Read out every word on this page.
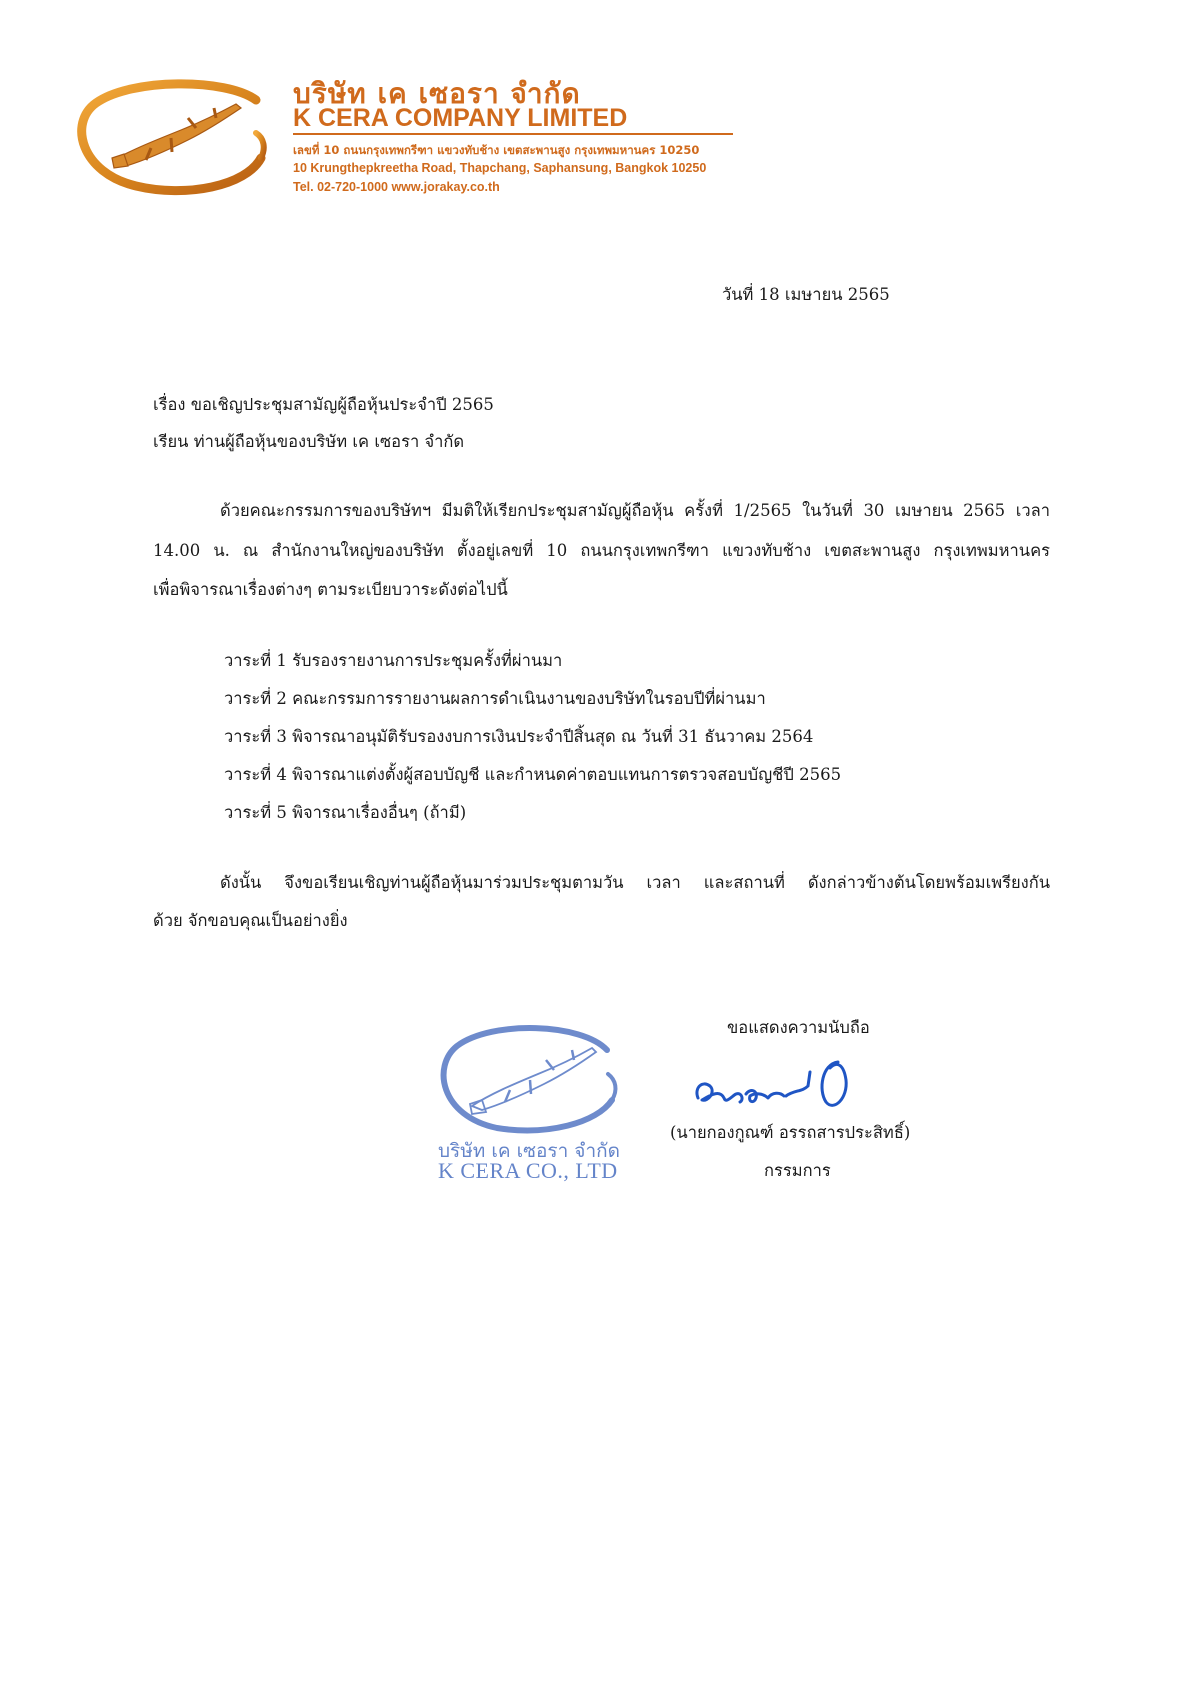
บริษัท เค เซอรา จำกัด
K CERA COMPANY LIMITED
เลขที่ 10 ถนนกรุงเทพกรีฑา แขวงทับช้าง เขตสะพานสูง กรุงเทพมหานคร 10250
10 Krungthepkreetha Road, Thapchang, Saphansung, Bangkok 10250
Tel. 02-720-1000 www.jorakay.co.th
วันที่ 18 เมษายน 2565
เรื่อง ขอเชิญประชุมสามัญผู้ถือหุ้นประจำปี 2565
เรียน ท่านผู้ถือหุ้นของบริษัท เค เซอรา จำกัด
ด้วยคณะกรรมการของบริษัทฯ มีมติให้เรียกประชุมสามัญผู้ถือหุ้น ครั้งที่ 1/2565 ในวันที่ 30 เมษายน 2565 เวลา
14.00 น. ณ สำนักงานใหญ่ของบริษัท ตั้งอยู่เลขที่ 10 ถนนกรุงเทพกรีฑา แขวงทับช้าง เขตสะพานสูง กรุงเทพมหานคร
เพื่อพิจารณาเรื่องต่างๆ ตามระเบียบวาระดังต่อไปนี้
วาระที่ 1 รับรองรายงานการประชุมครั้งที่ผ่านมา
วาระที่ 2 คณะกรรมการรายงานผลการดำเนินงานของบริษัทในรอบปีที่ผ่านมา
วาระที่ 3 พิจารณาอนุมัติรับรองงบการเงินประจำปีสิ้นสุด ณ วันที่ 31 ธันวาคม 2564
วาระที่ 4 พิจารณาแต่งตั้งผู้สอบบัญชี และกำหนดค่าตอบแทนการตรวจสอบบัญชีปี 2565
วาระที่ 5 พิจารณาเรื่องอื่นๆ (ถ้ามี)
ดังนั้น จึงขอเรียนเชิญท่านผู้ถือหุ้นมาร่วมประชุมตามวัน เวลา และสถานที่ ดังกล่าวข้างต้นโดยพร้อมเพรียงกัน
ด้วย จักขอบคุณเป็นอย่างยิ่ง
บริษัท เค เซอรา จำกัด
K CERA CO., LTD
ขอแสดงความนับถือ
(นายกองกูณฑ์ อรรถสารประสิทธิ์)
กรรมการ
